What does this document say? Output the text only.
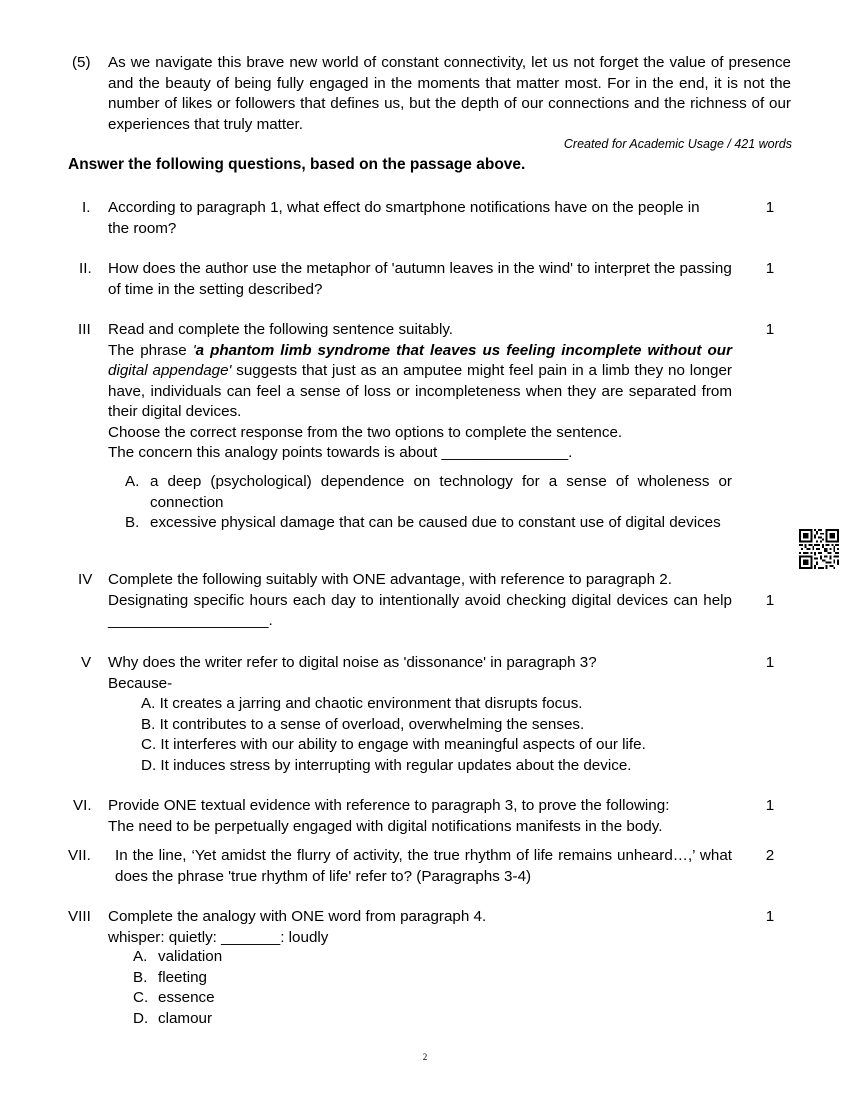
(5) As we navigate this brave new world of constant connectivity, let us not forget the value of presence and the beauty of being fully engaged in the moments that matter most. For in the end, it is not the number of likes or followers that defines us, but the depth of our connections and the richness of our experiences that truly matter.
Created for Academic Usage / 421 words
Answer the following questions, based on the passage above.
I. According to paragraph 1, what effect do smartphone notifications have on the people in the room?
1
II. How does the author use the metaphor of 'autumn leaves in the wind' to interpret the passing of time in the setting described?
1
III	1
Read and complete the following sentence suitably.
The phrase 'a phantom limb syndrome that leaves us feeling incomplete without our digital appendage' suggests that just as an amputee might feel pain in a limb they no longer have, individuals can feel a sense of loss or incompleteness when they are separated from their digital devices.
Choose the correct response from the two options to complete the sentence.
The concern this analogy points towards is about _______________.
A. a deep (psychological) dependence on technology for a sense of wholeness or connection
B. excessive physical damage that can be caused due to constant use of digital devices
IV Complete the following suitably with ONE advantage, with reference to paragraph 2.
Designating specific hours each day to intentionally avoid checking digital devices can help ___________________.
1
V	1
Why does the writer refer to digital noise as 'dissonance' in paragraph 3?
Because-
A. It creates a jarring and chaotic environment that disrupts focus.
B. It contributes to a sense of overload, overwhelming the senses.
C. It interferes with our ability to engage with meaningful aspects of our life.
D. It induces stress by interrupting with regular updates about the device.
VI. Provide ONE textual evidence with reference to paragraph 3, to prove the following:
The need to be perpetually engaged with digital notifications manifests in the body.
1
VII. In the line, ‘Yet amidst the flurry of activity, the true rhythm of life remains unheard…,’ what does the phrase 'true rhythm of life' refer to? (Paragraphs 3-4)
2
VIII	1
Complete the analogy with ONE word from paragraph 4.
whisper: quietly: _______: loudly
A. validation
B. fleeting
C. essence
D. clamour
2
